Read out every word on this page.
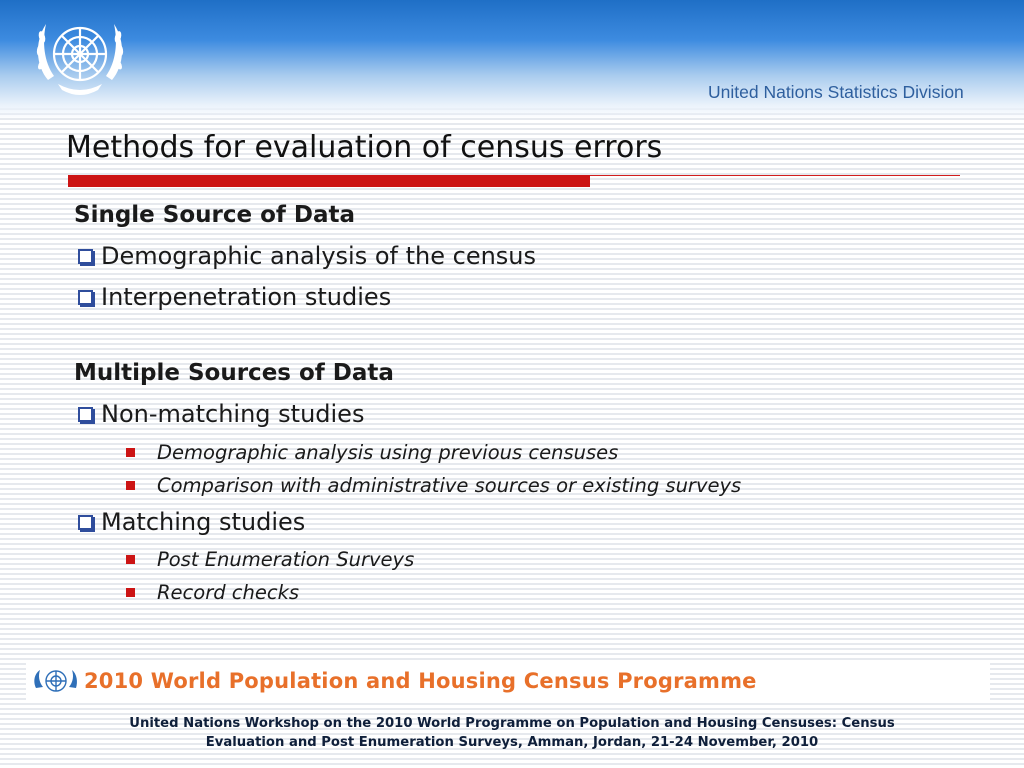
United Nations Statistics Division
Methods for evaluation of census errors
Single Source of Data
Demographic analysis of the census
Interpenetration studies
Multiple Sources of Data
Non-matching studies
Demographic analysis using previous censuses
Comparison with administrative sources or existing surveys
Matching studies
Post Enumeration Surveys
Record checks
2010 World Population and Housing Census Programme
United Nations Workshop on the 2010 World Programme on Population and Housing Censuses: Census
Evaluation and Post Enumeration Surveys, Amman, Jordan, 21-24 November, 2010
